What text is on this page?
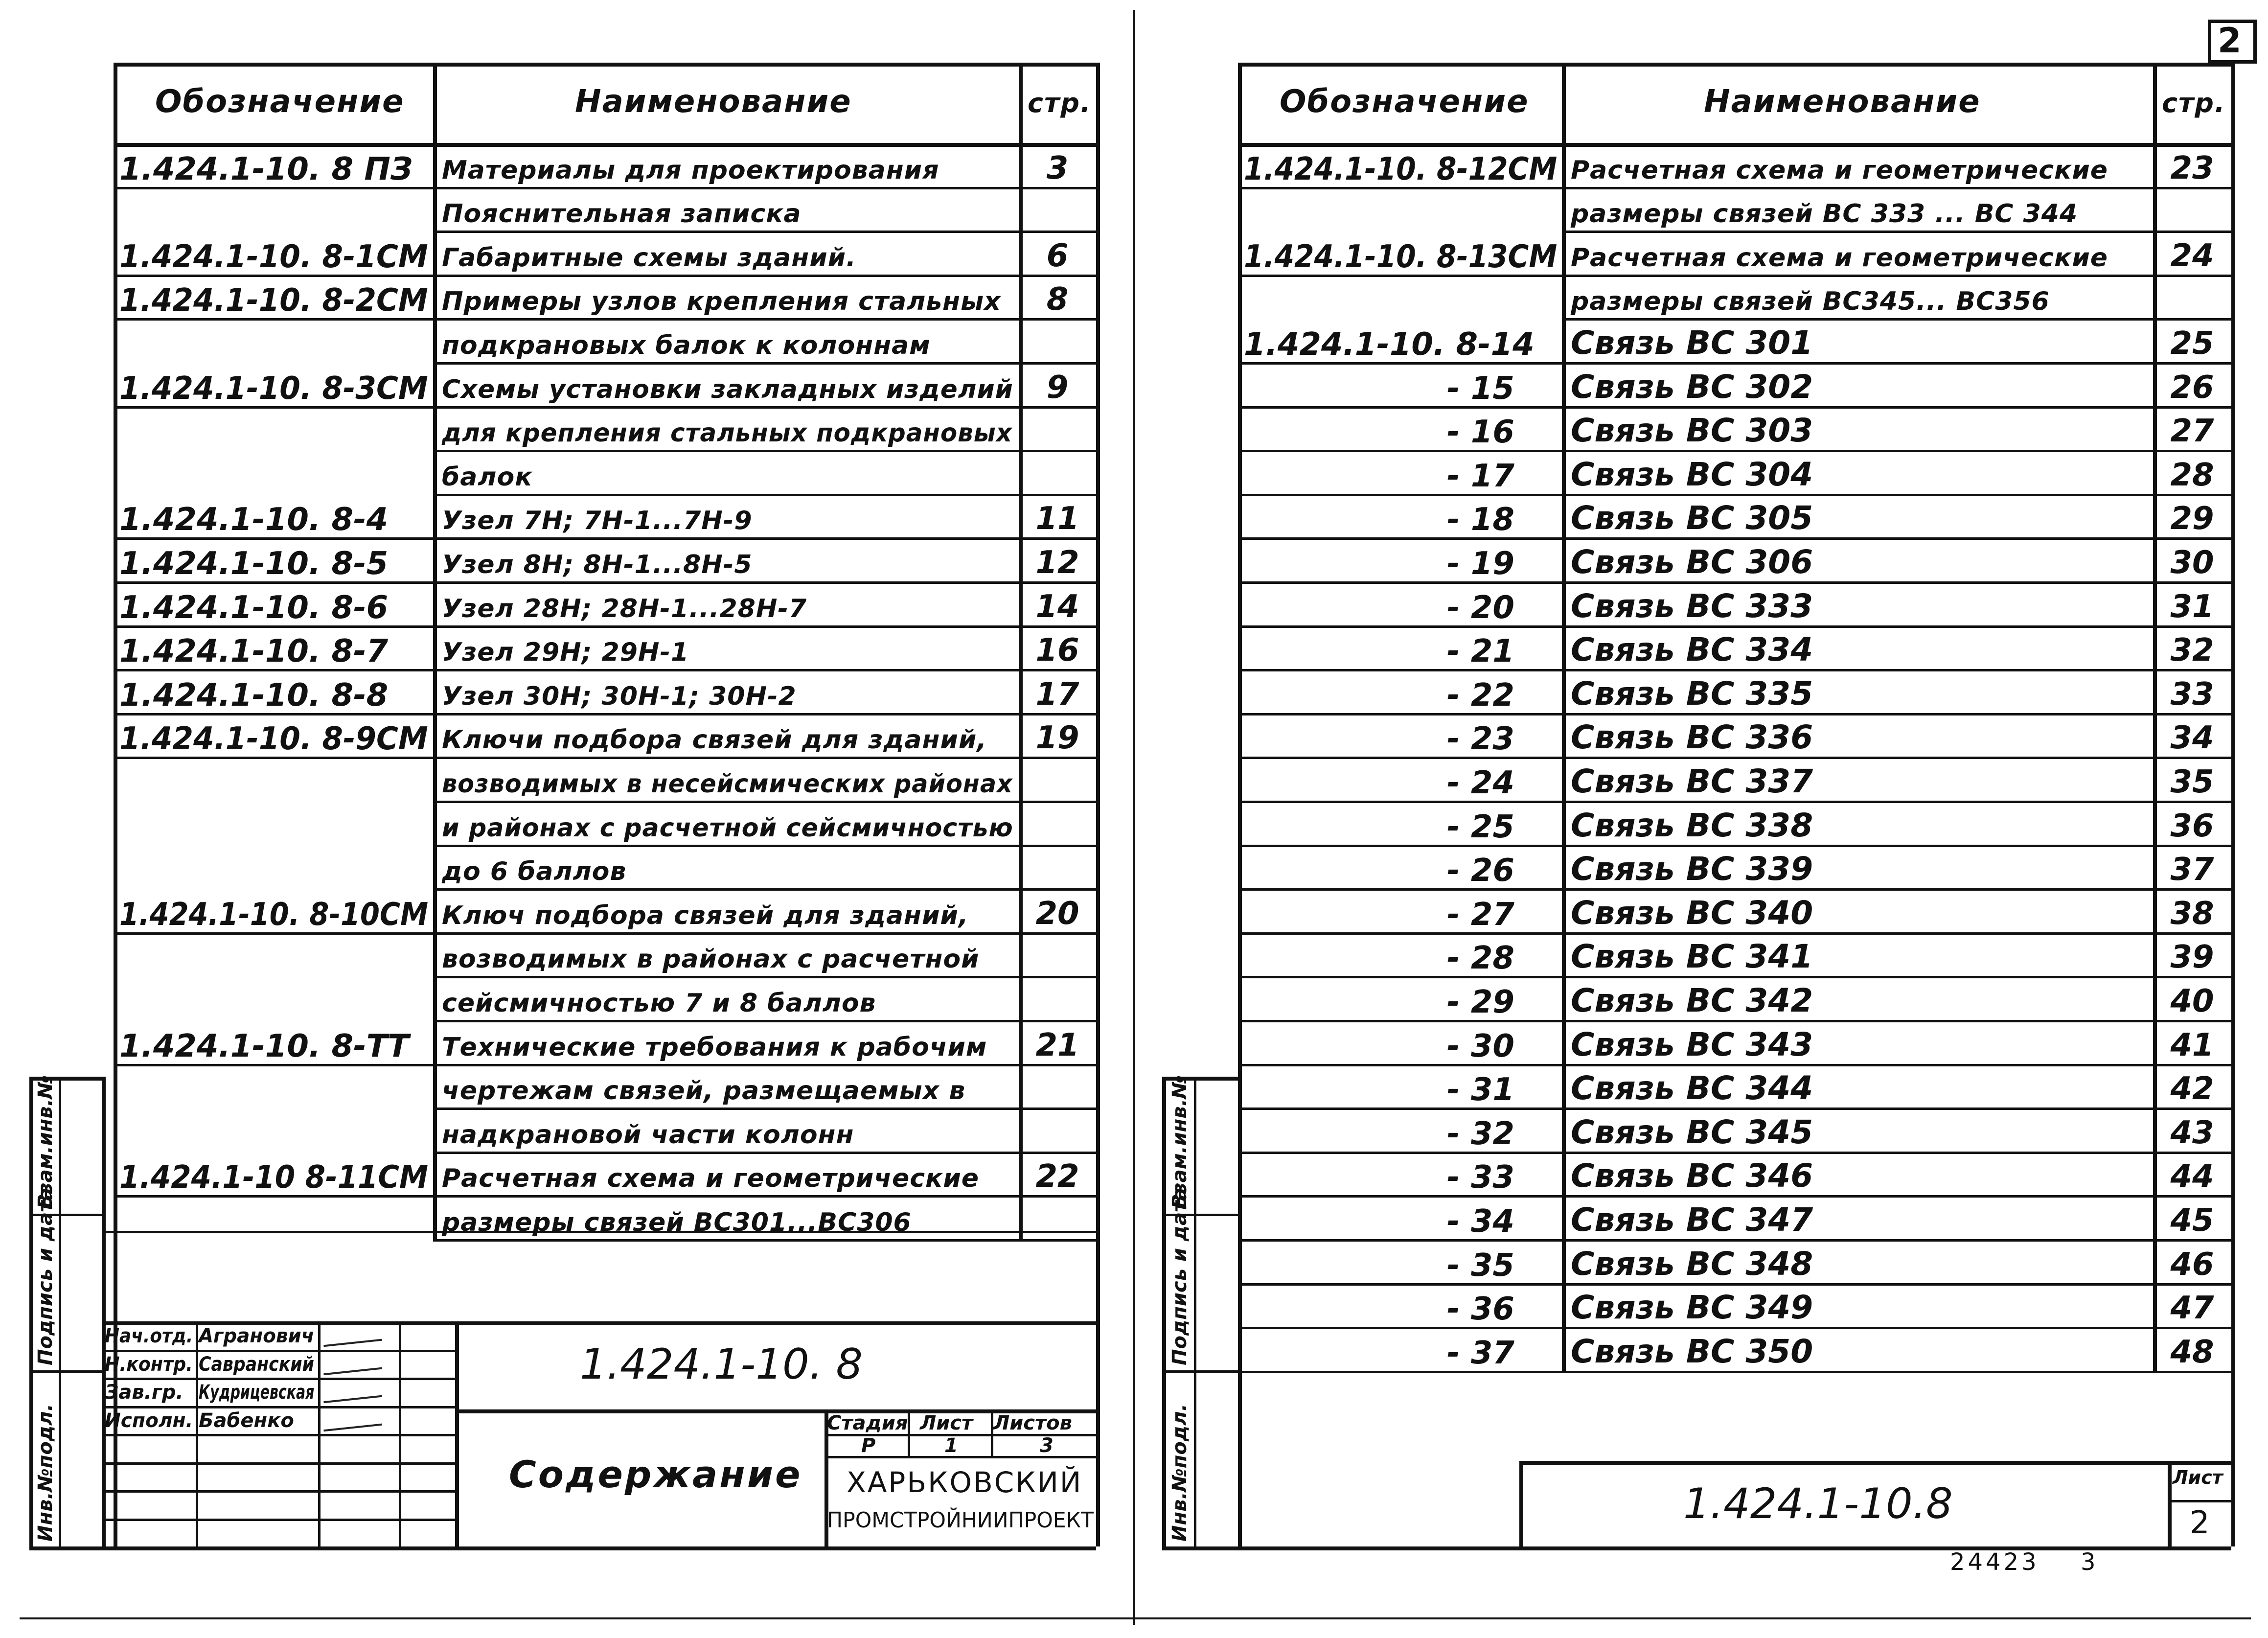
2
Обозначение	Наименование	стр.
1.424.1-10. 8 ПЗ Материалы для проектирования	3
Пояснительная записка
1.424.1-10. 8-1СМ Габаритные схемы зданий.	6
1.424.1-10. 8-2СМ Примеры узлов крепления стальных	8
подкрановых балок к колоннам
1.424.1-10. 8-3СМ Схемы установки закладных изделий	9
для крепления стальных подкрановых
балок
1.424.1-10. 8-4 Узел 7Н; 7Н-1...7Н-9	11
1.424.1-10. 8-5 Узел 8Н; 8Н-1...8Н-5	12
1.424.1-10. 8-6 Узел 28Н; 28Н-1...28Н-7	14
1.424.1-10. 8-7 Узел 29Н; 29Н-1	16
1.424.1-10. 8-8 Узел 30Н; 30Н-1; 30Н-2	17
1.424.1-10. 8-9СМ Ключи подбора связей для зданий,	19
возводимых в несейсмических районах
и районах с расчетной сейсмичностью
до 6 баллов
1.424.1-10. 8-10СМ Ключ подбора связей для зданий,	20
возводимых в районах с расчетной
сейсмичностью 7 и 8 баллов
1.424.1-10. 8-ТТ Технические требования к рабочим	21
чертежам связей, размещаемых в
надкрановой части колонн
1.424.1-10 8-11СМ Расчетная схема и геометрические	22
размеры связей ВС301...ВС306
Взам.инв.№
Подпись и дата
Инв.№подл.
Нач.отд. Агранович
Н.контр. Савранский
Зав.гр. Кудрицевская
Исполн. Бабенко
1.424.1-10. 8
Содержание
Стадия Лист Листов
Р	1	3
ХАРЬКОВСКИЙ
ПРОМСТРОЙНИИПРОЕКТ
Обозначение	Наименование	стр.
1.424.1-10. 8-12СМ Расчетная схема и геометрические	23
размеры связей ВС 333 ... ВС 344
1.424.1-10. 8-13СМ Расчетная схема и геометрические	24
размеры связей ВС345... ВС356
1.424.1-10. 8-14 Связь ВС 301	25
- 15 Связь ВС 302	26
- 16 Связь ВС 303	27
- 17 Связь ВС 304	28
- 18 Связь ВС 305	29
- 19 Связь ВС 306	30
- 20 Связь ВС 333	31
- 21 Связь ВС 334	32
- 22 Связь ВС 335	33
- 23 Связь ВС 336	34
- 24 Связь ВС 337	35
- 25 Связь ВС 338	36
- 26 Связь ВС 339	37
- 27 Связь ВС 340	38
- 28 Связь ВС 341	39
- 29 Связь ВС 342	40
- 30 Связь ВС 343	41
- 31 Связь ВС 344	42
- 32 Связь ВС 345	43
- 33 Связь ВС 346	44
- 34 Связь ВС 347	45
- 35 Связь ВС 348	46
- 36 Связь ВС 349	47
- 37 Связь ВС 350	48
Взам.инв.№
Подпись и дата
Инв.№подл.	1.424.1-10.8
Лист
2
24423 3
